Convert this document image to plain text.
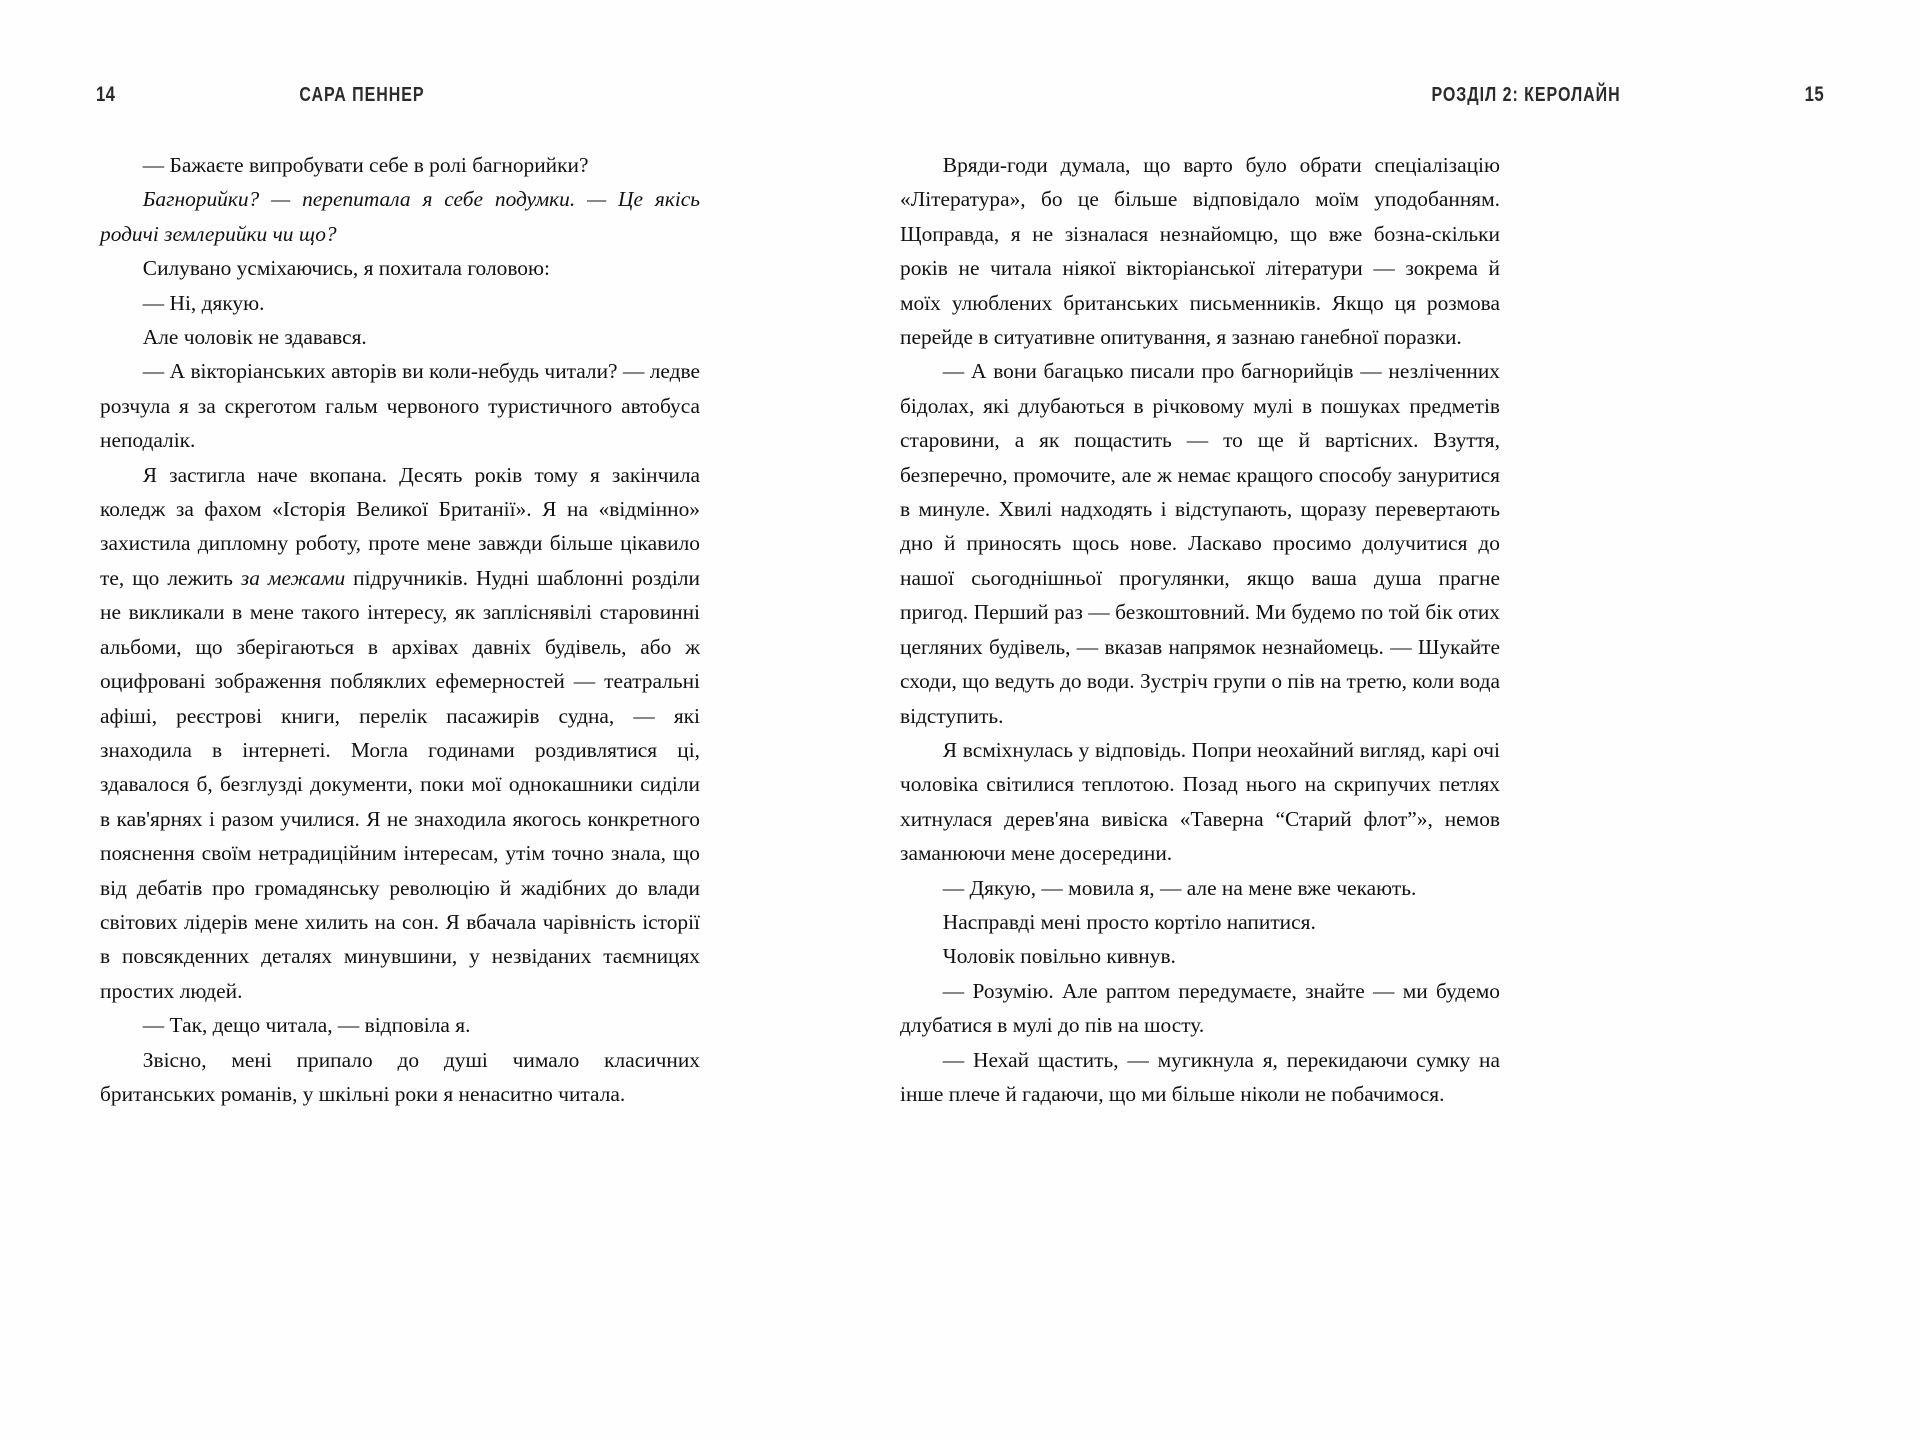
14	САРА ПЕННЕР	РОЗДІЛ 2: КЕРОЛАЙН	15

— Бажаєте випробувати себе в ролі багнорийки?

Багнорийки? — перепитала я себе подумки. — Це якісь родичі землерийки чи що?

Силувано усміхаючись, я похитала головою:

— Ні, дякую.

Але чоловік не здавався.

— А вікторіанських авторів ви коли-небудь читали? — ледве розчула я за скреготом гальм червоного туристичного автобуса неподалік.

Я застигла наче вкопана. Десять років тому я закінчила коледж за фахом «Історія Великої Британії». Я на «відмінно» захистила дипломну роботу, проте мене завжди більше цікавило те, що лежить за межами підручників. Нудні шаблонні розділи не викликали в мене такого інтересу, як запліснявілі старовинні альбоми, що зберігаються в архівах давніх будівель, або ж оцифровані зображення побляклих ефемерностей — театральні афіші, реєстрові книги, перелік пасажирів судна, — які знаходила в інтернеті. Могла годинами роздивлятися ці, здавалося б, безглузді документи, поки мої однокашники сиділи в кав'ярнях і разом училися. Я не знаходила якогось конкретного пояснення своїм нетрадиційним інтересам, утім точно знала, що від дебатів про громадянську революцію й жадібних до влади світових лідерів мене хилить на сон. Я вбачала чарівність історії в повсякденних деталях минувшини, у незвіданих таємницях простих людей.

— Так, дещо читала, — відповіла я.

Звісно, мені припало до душі чимало класичних британських романів, у шкільні роки я ненаситно читала.

Вряди-годи думала, що варто було обрати спеціалізацію «Література», бо це більше відповідало моїм уподобанням. Щоправда, я не зізналася незнайомцю, що вже бозна-скільки років не читала ніякої вікторіанської літератури — зокрема й моїх улюблених британських письменників. Якщо ця розмова перейде в ситуативне опитування, я зазнаю ганебної поразки.

— А вони багацько писали про багнорийців — незліченних бідолах, які длубаються в річковому мулі в пошуках предметів старовини, а як пощастить — то ще й вартісних. Взуття, безперечно, промочите, але ж немає кращого способу зануритися в минуле. Хвилі надходять і відступають, щоразу перевертають дно й приносять щось нове. Ласкаво просимо долучитися до нашої сьогоднішньої прогулянки, якщо ваша душа прагне пригод. Перший раз — безкоштовний. Ми будемо по той бік отих цегляних будівель, — вказав напрямок незнайомець. — Шукайте сходи, що ведуть до води. Зустріч групи о пів на третю, коли вода відступить.

Я всміхнулась у відповідь. Попри неохайний вигляд, карі очі чоловіка світилися теплотою. Позад нього на скрипучих петлях хитнулася дерев'яна вивіска «Таверна “Старий флот”», немов заманюючи мене досередини.

— Дякую, — мовила я, — але на мене вже чекають.

Насправді мені просто кортіло напитися.

Чоловік повільно кивнув.

— Розумію. Але раптом передумаєте, знайте — ми будемо длубатися в мулі до пів на шосту.

— Нехай щастить, — мугикнула я, перекидаючи сумку на інше плече й гадаючи, що ми більше ніколи не побачимося.
